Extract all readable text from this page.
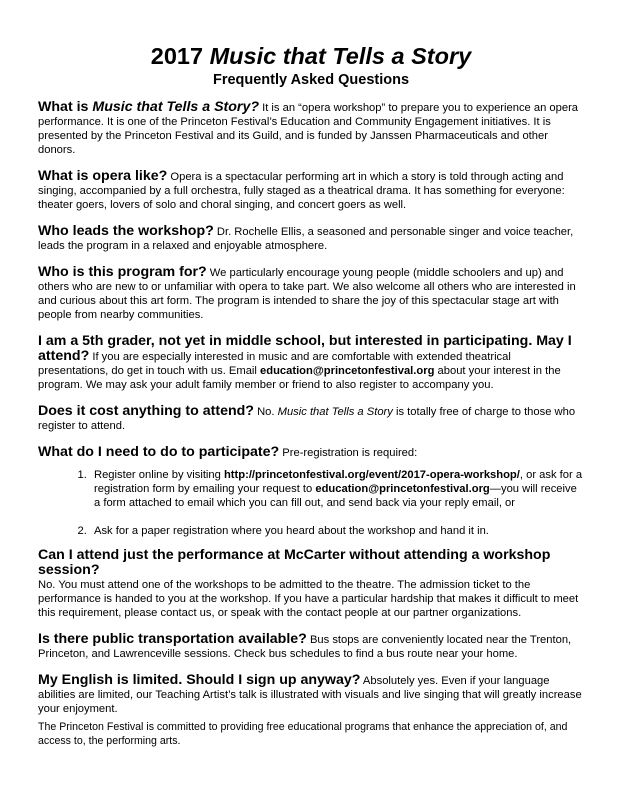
2017 Music that Tells a Story
Frequently Asked Questions

What is Music that Tells a Story? It is an “opera workshop” to prepare you to experience an opera performance. It is one of the Princeton Festival’s Education and Community Engagement initiatives. It is presented by the Princeton Festival and its Guild, and is funded by Janssen Pharmaceuticals and other donors.

What is opera like? Opera is a spectacular performing art in which a story is told through acting and singing, accompanied by a full orchestra, fully staged as a theatrical drama. It has something for everyone: theater goers, lovers of solo and choral singing, and concert goers as well.

Who leads the workshop? Dr. Rochelle Ellis, a seasoned and personable singer and voice teacher, leads the program in a relaxed and enjoyable atmosphere.

Who is this program for? We particularly encourage young people (middle schoolers and up) and others who are new to or unfamiliar with opera to take part. We also welcome all others who are interested in and curious about this art form. The program is intended to share the joy of this spectacular stage art with people from nearby communities.

I am a 5th grader, not yet in middle school, but interested in participating. May I attend? If you are especially interested in music and are comfortable with extended theatrical presentations, do get in touch with us. Email education@princetonfestival.org about your interest in the program. We may ask your adult family member or friend to also register to accompany you.

Does it cost anything to attend? No. Music that Tells a Story is totally free of charge to those who register to attend.

What do I need to do to participate? Pre-registration is required:

1. Register online by visiting http://princetonfestival.org/event/2017-opera-workshop/, or ask for a registration form by emailing your request to education@princetonfestival.org—you will receive a form attached to email which you can fill out, and send back via your reply email, or
2. Ask for a paper registration where you heard about the workshop and hand it in.

Can I attend just the performance at McCarter without attending a workshop session?
No. You must attend one of the workshops to be admitted to the theatre. The admission ticket to the performance is handed to you at the workshop. If you have a particular hardship that makes it difficult to meet this requirement, please contact us, or speak with the contact people at our partner organizations.

Is there public transportation available? Bus stops are conveniently located near the Trenton, Princeton, and Lawrenceville sessions. Check bus schedules to find a bus route near your home.

My English is limited. Should I sign up anyway? Absolutely yes. Even if your language abilities are limited, our Teaching Artist’s talk is illustrated with visuals and live singing that will greatly increase your enjoyment.

The Princeton Festival is committed to providing free educational programs that enhance the appreciation of, and access to, the performing arts.
